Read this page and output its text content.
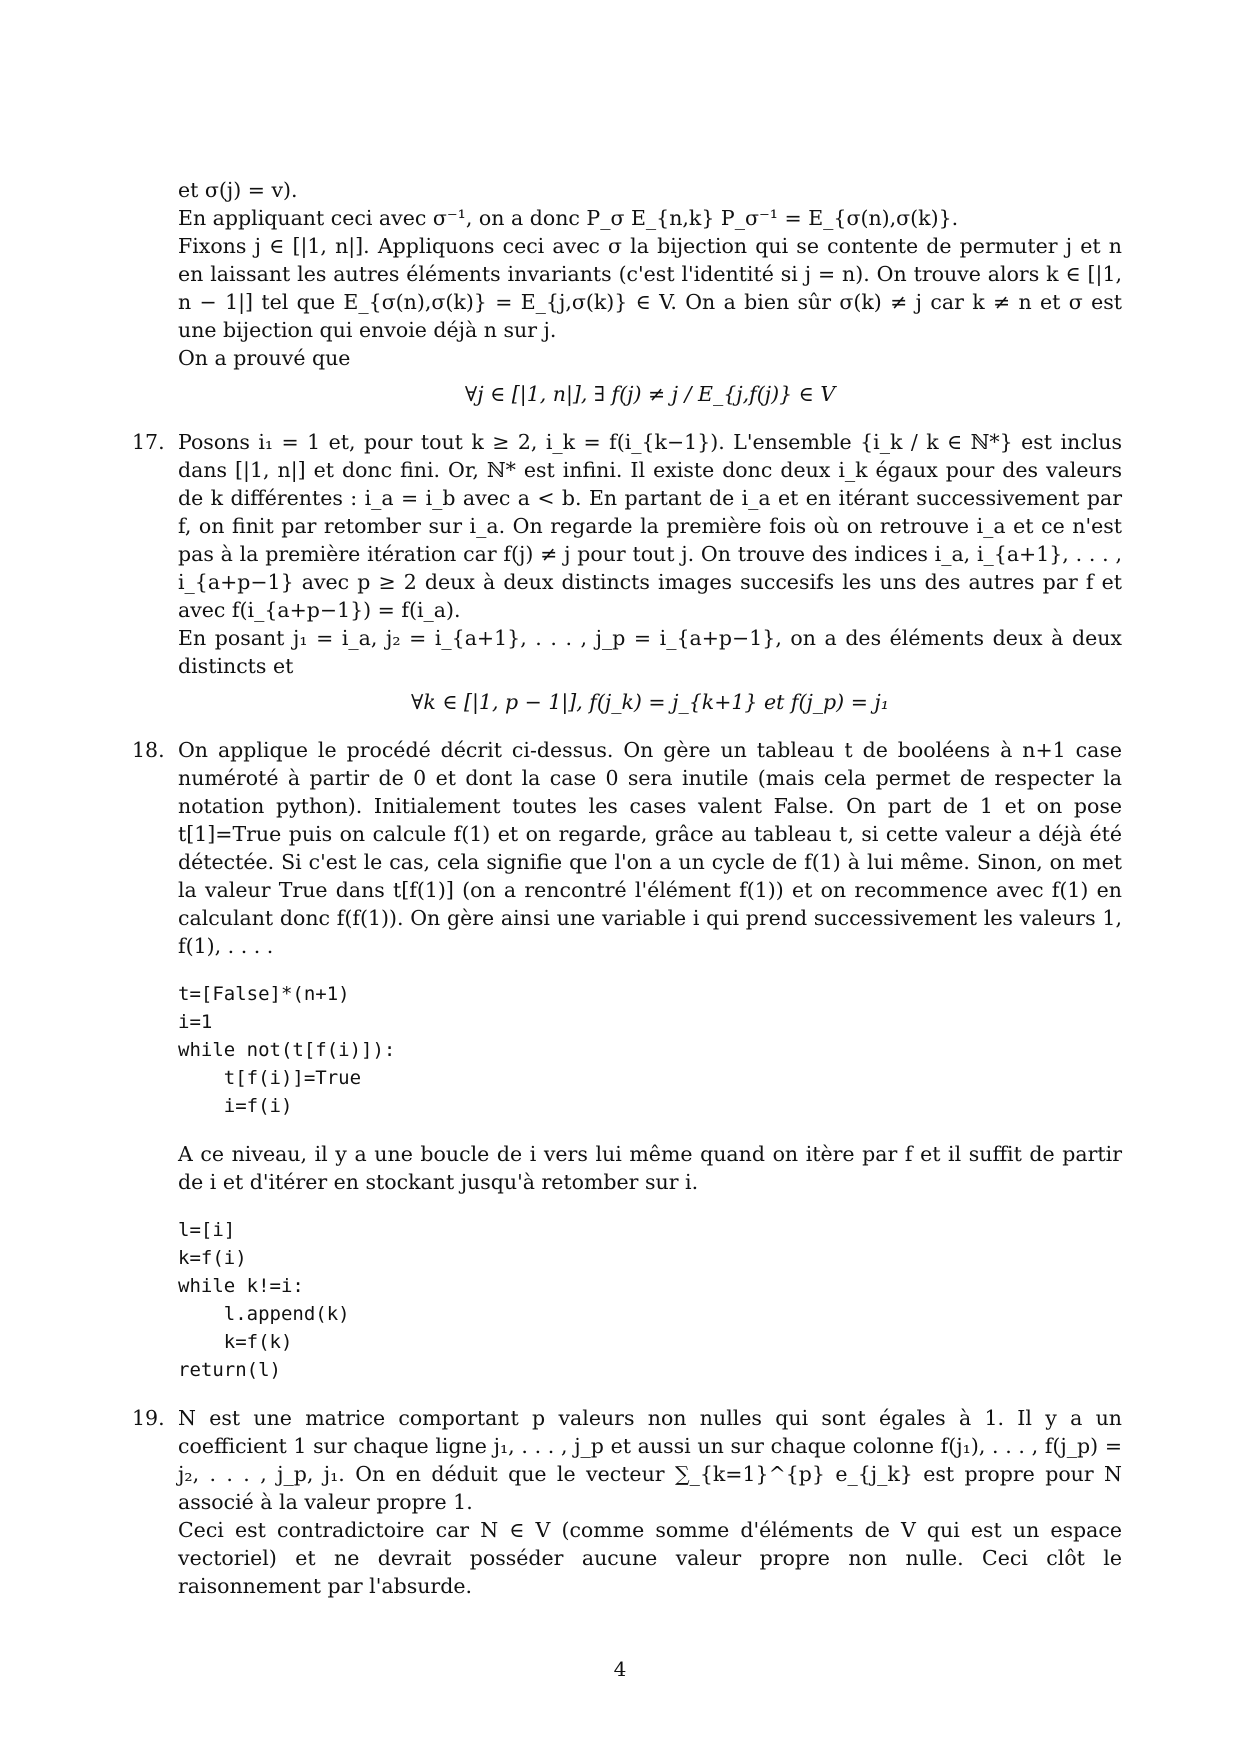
et σ(j) = v).

En appliquant ceci avec σ⁻¹, on a donc P_σ E_{n,k} P_σ⁻¹ = E_{σ(n),σ(k)}.

Fixons j ∈ [|1, n|]. Appliquons ceci avec σ la bijection qui se contente de permuter j et n en laissant les autres éléments invariants (c'est l'identité si j = n). On trouve alors k ∈ [|1, n − 1|] tel que E_{σ(n),σ(k)} = E_{j,σ(k)} ∈ V. On a bien sûr σ(k) ≠ j car k ≠ n et σ est une bijection qui envoie déjà n sur j.

On a prouvé que

∀j ∈ [|1, n|], ∃ f(j) ≠ j / E_{j,f(j)} ∈ V

17. Posons i₁ = 1 et, pour tout k ≥ 2, i_k = f(i_{k−1}). L'ensemble {i_k / k ∈ ℕ*} est inclus dans [|1, n|] et donc fini. Or, ℕ* est infini. Il existe donc deux i_k égaux pour des valeurs de k différentes : i_a = i_b avec a < b. En partant de i_a et en itérant successivement par f, on finit par retomber sur i_a. On regarde la première fois où on retrouve i_a et ce n'est pas à la première itération car f(j) ≠ j pour tout j. On trouve des indices i_a, i_{a+1}, . . . , i_{a+p−1} avec p ≥ 2 deux à deux distincts images succesifs les uns des autres par f et avec f(i_{a+p−1}) = f(i_a).

En posant j₁ = i_a, j₂ = i_{a+1}, . . . , j_p = i_{a+p−1}, on a des éléments deux à deux distincts et

∀k ∈ [|1, p − 1|], f(j_k) = j_{k+1} et f(j_p) = j₁

18. On applique le procédé décrit ci-dessus. On gère un tableau t de booléens à n+1 case numéroté à partir de 0 et dont la case 0 sera inutile (mais cela permet de respecter la notation python). Initialement toutes les cases valent False. On part de 1 et on pose t[1]=True puis on calcule f(1) et on regarde, grâce au tableau t, si cette valeur a déjà été détectée. Si c'est le cas, cela signifie que l'on a un cycle de f(1) à lui même. Sinon, on met la valeur True dans t[f(1)] (on a rencontré l'élément f(1)) et on recommence avec f(1) en calculant donc f(f(1)). On gère ainsi une variable i qui prend successivement les valeurs 1, f(1), . . . .

t=[False]*(n+1)
i=1
while not(t[f(i)]):
t[f(i)]=True
i=f(i)

A ce niveau, il y a une boucle de i vers lui même quand on itère par f et il suffit de partir de i et d'itérer en stockant jusqu'à retomber sur i.

l=[i]
k=f(i)
while k!=i:
l.append(k)
k=f(k)
return(l)
19. N est une matrice comportant p valeurs non nulles qui sont égales à 1. Il y a un coefficient 1 sur chaque ligne j₁, . . . , j_p et aussi un sur chaque colonne f(j₁), . . . , f(j_p) = j₂, . . . , j_p, j₁. On en déduit que le vecteur ∑_{k=1}^{p} e_{j_k} est propre pour N associé à la valeur propre 1.

Ceci est contradictoire car N ∈ V (comme somme d'éléments de V qui est un espace vectoriel) et ne devrait posséder aucune valeur propre non nulle. Ceci clôt le raisonnement par l'absurde.

4
